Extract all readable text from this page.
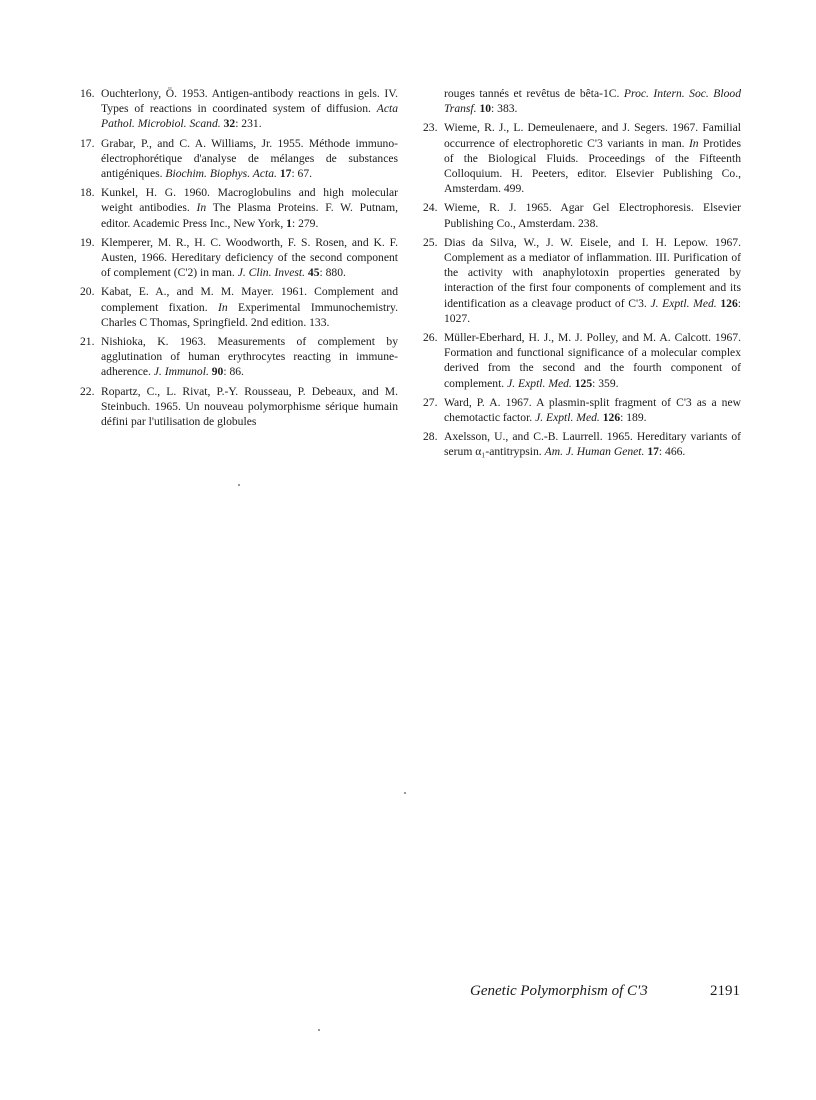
16. Ouchterlony, Ö. 1953. Antigen-antibody reactions in gels. IV. Types of reactions in coordinated system of diffusion. Acta Pathol. Microbiol. Scand. 32: 231.
17. Grabar, P., and C. A. Williams, Jr. 1955. Méthode immuno-électrophorétique d'analyse de mélanges de substances antigéniques. Biochim. Biophys. Acta. 17: 67.
18. Kunkel, H. G. 1960. Macroglobulins and high molecular weight antibodies. In The Plasma Proteins. F. W. Putnam, editor. Academic Press Inc., New York, 1: 279.
19. Klemperer, M. R., H. C. Woodworth, F. S. Rosen, and K. F. Austen, 1966. Hereditary deficiency of the second component of complement (C'2) in man. J. Clin. Invest. 45: 880.
20. Kabat, E. A., and M. M. Mayer. 1961. Complement and complement fixation. In Experimental Immunochemistry. Charles C Thomas, Springfield. 2nd edition. 133.
21. Nishioka, K. 1963. Measurements of complement by agglutination of human erythrocytes reacting in immune-adherence. J. Immunol. 90: 86.
22. Ropartz, C., L. Rivat, P.-Y. Rousseau, P. Debeaux, and M. Steinbuch. 1965. Un nouveau polymorphisme sérique humain défini par l'utilisation de globules
rouges tannés et revêtus de bêta-1C. Proc. Intern. Soc. Blood Transf. 10: 383.
23. Wieme, R. J., L. Demeulenaere, and J. Segers. 1967. Familial occurrence of electrophoretic C'3 variants in man. In Protides of the Biological Fluids. Proceedings of the Fifteenth Colloquium. H. Peeters, editor. Elsevier Publishing Co., Amsterdam. 499.
24. Wieme, R. J. 1965. Agar Gel Electrophoresis. Elsevier Publishing Co., Amsterdam. 238.
25. Dias da Silva, W., J. W. Eisele, and I. H. Lepow. 1967. Complement as a mediator of inflammation. III. Purification of the activity with anaphylotoxin properties generated by interaction of the first four components of complement and its identification as a cleavage product of C'3. J. Exptl. Med. 126: 1027.
26. Müller-Eberhard, H. J., M. J. Polley, and M. A. Calcott. 1967. Formation and functional significance of a molecular complex derived from the second and the fourth component of complement. J. Exptl. Med. 125: 359.
27. Ward, P. A. 1967. A plasmin-split fragment of C'3 as a new chemotactic factor. J. Exptl. Med. 126: 189.
28. Axelsson, U., and C.-B. Laurrell. 1965. Hereditary variants of serum α₁-antitrypsin. Am. J. Human Genet. 17: 466.
Genetic Polymorphism of C'3	2191
